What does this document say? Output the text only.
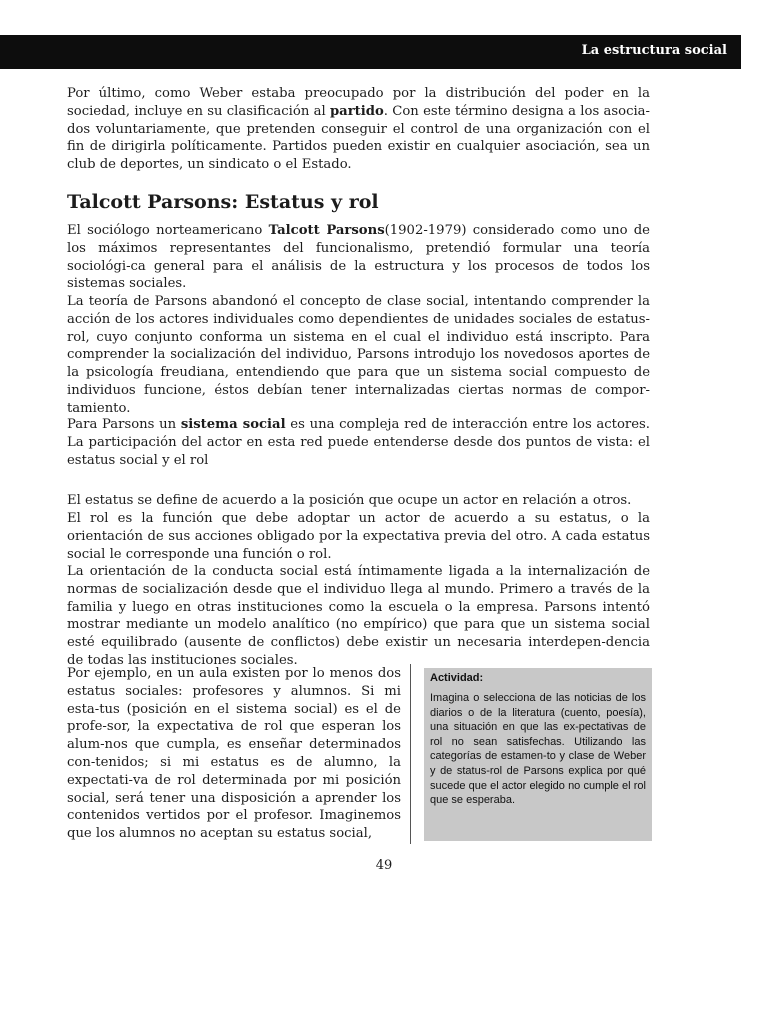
La estructura social

Por último, como Weber estaba preocupado por la distribución del poder en la sociedad, incluye en su clasificación al partido. Con este término designa a los asocia-dos voluntariamente, que pretenden conseguir el control de una organización con el fin de dirigirla políticamente. Partidos pueden existir en cualquier asociación, sea un club de deportes, un sindicato o el Estado.

Talcott Parsons: Estatus y rol

El sociólogo norteamericano Talcott Parsons(1902-1979) considerado como uno de los máximos representantes del funcionalismo, pretendió formular una teoría sociológi-ca general para el análisis de la estructura y los procesos de todos los sistemas sociales.

La teoría de Parsons abandonó el concepto de clase social, intentando comprender la acción de los actores individuales como dependientes de unidades sociales de estatus-rol, cuyo conjunto conforma un sistema en el cual el individuo está inscripto. Para comprender la socialización del individuo, Parsons introdujo los novedosos aportes de la psicología freudiana, entendiendo que para que un sistema social compuesto de individuos funcione, éstos debían tener internalizadas ciertas normas de compor-tamiento.

Para Parsons un sistema social es una compleja red de interacción entre los actores. La participación del actor en esta red puede entenderse desde dos puntos de vista: el estatus social y el rol

El estatus se define de acuerdo a la posición que ocupe un actor en relación a otros.

El rol es la función que debe adoptar un actor de acuerdo a su estatus, o la orientación de sus acciones obligado por la expectativa previa del otro. A cada estatus social le corresponde una función o rol.

La orientación de la conducta social está íntimamente ligada a la internalización de normas de socialización desde que el individuo llega al mundo. Primero a través de la familia y luego en otras instituciones como la escuela o la empresa. Parsons intentó mostrar mediante un modelo analítico (no empírico) que para que un sistema social esté equilibrado (ausente de conflictos) debe existir un necesaria interdepen-dencia de todas las instituciones sociales.

Por ejemplo, en un aula existen por lo menos dos estatus sociales: profesores y alumnos. Si mi esta-tus (posición en el sistema social) es el de profe-sor, la expectativa de rol que esperan los alum-nos que cumpla, es enseñar determinados con-tenidos; si mi estatus es de alumno, la expectati-va de rol determinada por mi posición social, será tener una disposición a aprender los contenidos vertidos por el profesor. Imaginemos que los alumnos no aceptan su estatus social,

Actividad:

Imagina o selecciona de las noticias de los diarios o de la literatura (cuento, poesía), una situación en que las ex-pectativas de rol no sean satisfechas. Utilizando las categorías de estamen-to y clase de Weber y de status-rol de Parsons explica por qué sucede que el actor elegido no cumple el rol que se esperaba.

49
